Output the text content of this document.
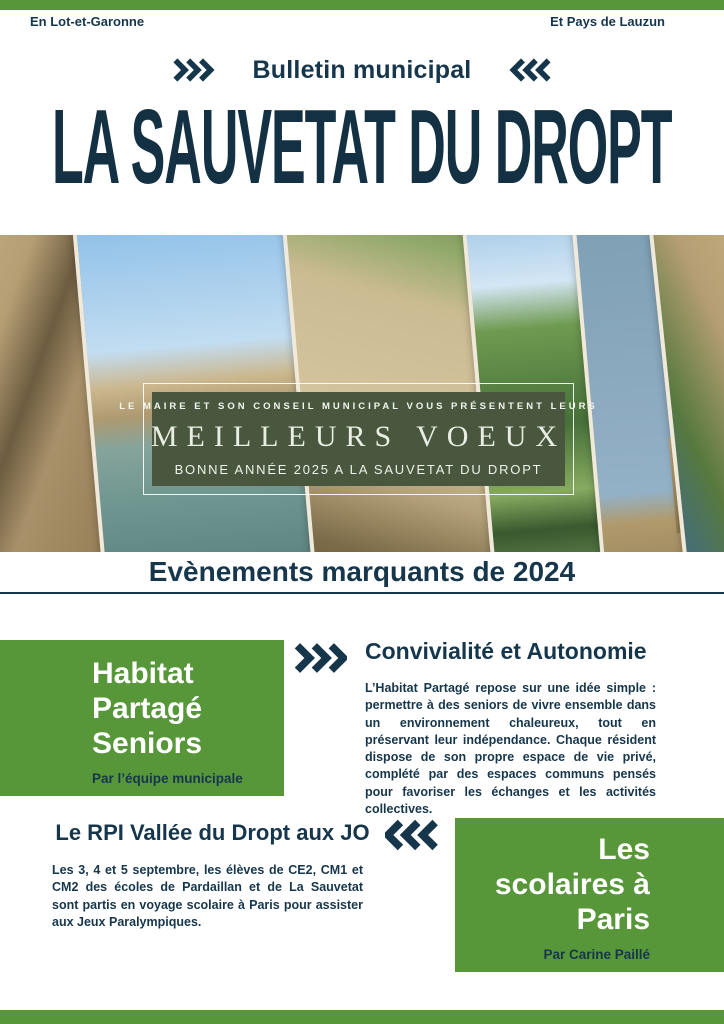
En Lot-et-Garonne	Et Pays de Lauzun
Bulletin municipal
LA SAUVETAT DU DROPT
LE MAIRE ET SON CONSEIL MUNICIPAL VOUS PRÉSENTENT LEURS
MEILLEURS VOEUX
BONNE ANNÉE 2025 A LA SAUVETAT DU DROPT
Evènements marquants de 2024
Habitat
Partagé
Seniors
Par l’équipe municipale
Convivialité et Autonomie
L’Habitat Partagé repose sur une idée simple : permettre à des seniors de vivre ensemble dans un environnement chaleureux, tout en préservant leur indépendance. Chaque résident dispose de son propre espace de vie privé, complété par des espaces communs pensés pour favoriser les échanges et les activités collectives.
Le RPI Vallée du Dropt aux JO
Les 3, 4 et 5 septembre, les élèves de CE2, CM1 et CM2 des écoles de Pardaillan et de La Sauvetat sont partis en voyage scolaire à Paris pour assister aux Jeux Paralympiques.
Les
scolaires à
Paris
Par Carine Paillé
